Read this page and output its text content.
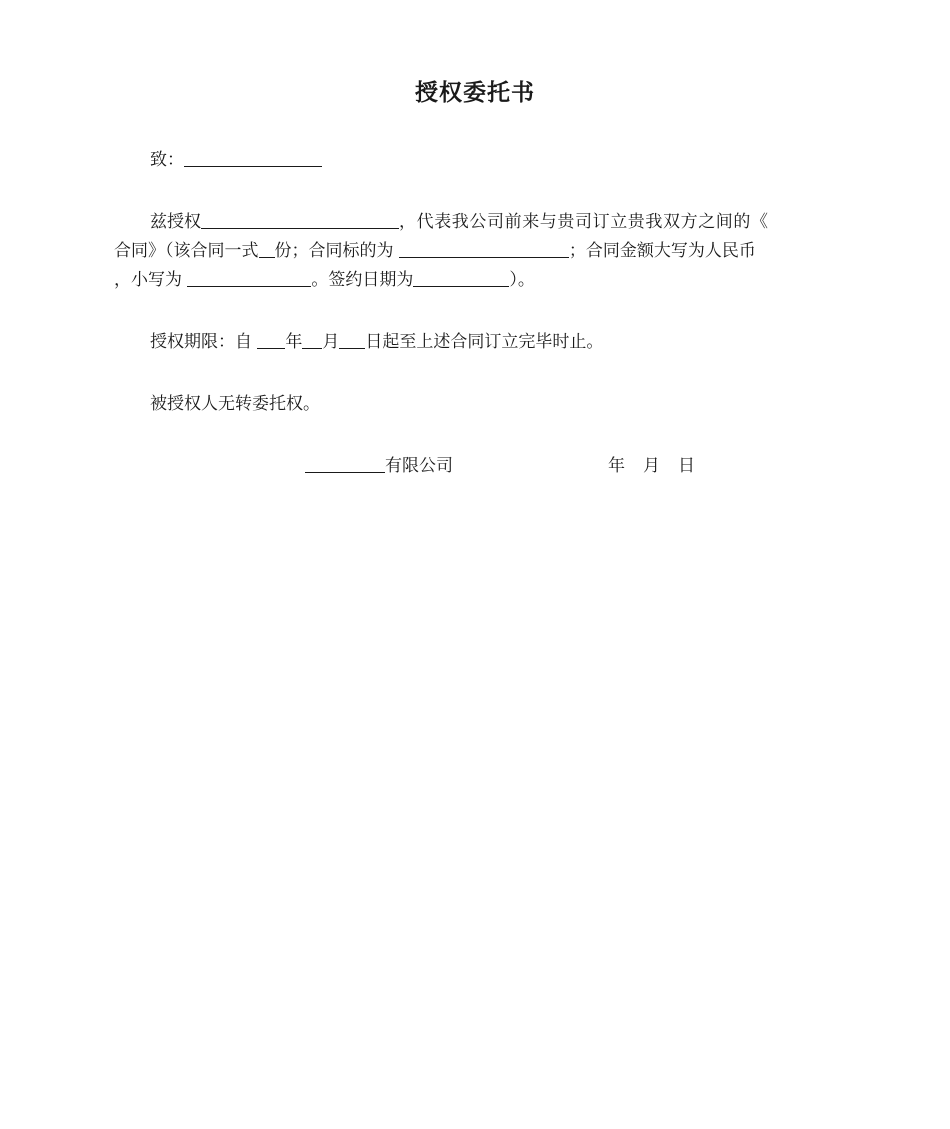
授权委托书
致：
兹授权	，代表我公司前来与贵司订立贵我双方之间的《
合同》（该合同一式 份；合同标的为	；合同金额大写为人民币
，小写为	。签约日期为	）。
授权期限：自 年 月 日起至上述合同订立完毕时止。
被授权人无转委托权。
有限公司	年 月 日
